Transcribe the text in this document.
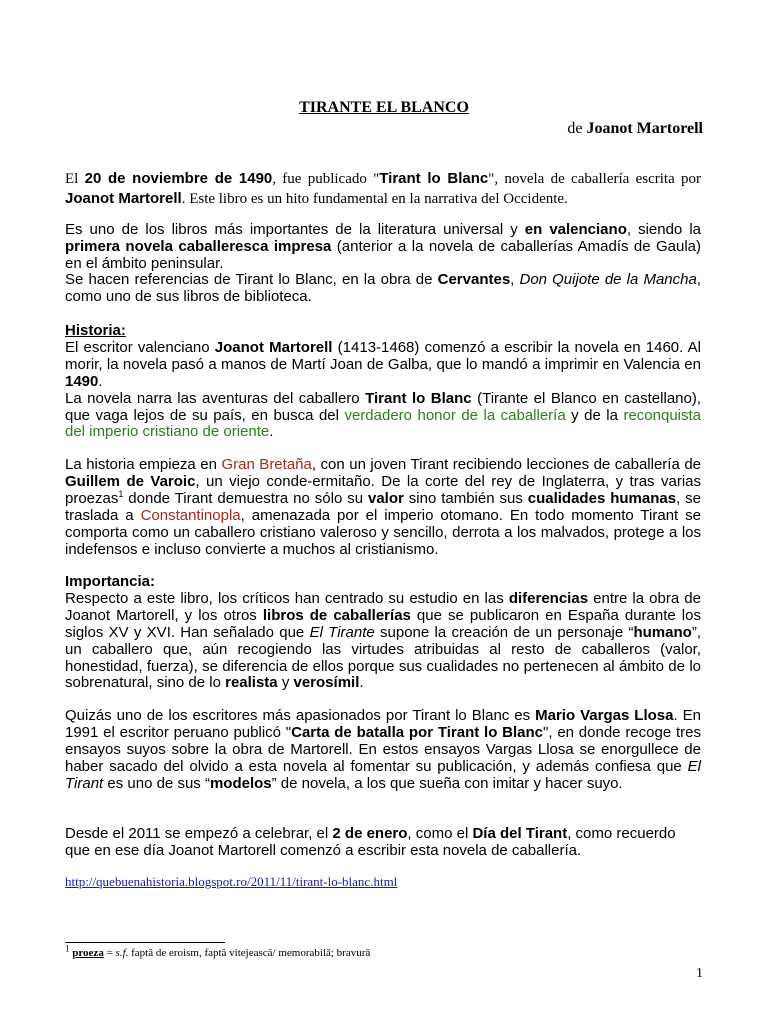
TIRANTE EL BLANCO
de Joanot Martorell

El 20 de noviembre de 1490, fue publicado "Tirant lo Blanc", novela de caballería escrita por Joanot Martorell. Este libro es un hito fundamental en la narrativa del Occidente.

Es uno de los libros más importantes de la literatura universal y en valenciano, siendo la primera novela caballeresca impresa (anterior a la novela de caballerías Amadís de Gaula) en el ámbito peninsular.

Se hacen referencias de Tirant lo Blanc, en la obra de Cervantes, Don Quijote de la Mancha, como uno de sus libros de biblioteca.

Historia:
El escritor valenciano Joanot Martorell (1413-1468) comenzó a escribir la novela en 1460. Al morir, la novela pasó a manos de Martí Joan de Galba, que lo mandó a imprimir en Valencia en 1490.
La novela narra las aventuras del caballero Tirant lo Blanc (Tirante el Blanco en castellano), que vaga lejos de su país, en busca del verdadero honor de la caballería y de la reconquista del imperio cristiano de oriente.

La historia empieza en Gran Bretaña, con un joven Tirant recibiendo lecciones de caballería de Guillem de Varoic, un viejo conde-ermitaño. De la corte del rey de Inglaterra, y tras varias proezas$^1$ donde Tirant demuestra no sólo su valor sino también sus cualidades humanas, se traslada a Constantinopla, amenazada por el imperio otomano. En todo momento Tirant se comporta como un caballero cristiano valeroso y sencillo, derrota a los malvados, protege a los indefensos e incluso convierte a muchos al cristianismo.

Importancia:
Respecto a este libro, los críticos han centrado su estudio en las diferencias entre la obra de Joanot Martorell, y los otros libros de caballerías que se publicaron en España durante los siglos XV y XVI. Han señalado que El Tirante supone la creación de un personaje “humano”, un caballero que, aún recogiendo las virtudes atribuidas al resto de caballeros (valor, honestidad, fuerza), se diferencia de ellos porque sus cualidades no pertenecen al ámbito de lo sobrenatural, sino de lo realista y verosímil.

Quizás uno de los escritores más apasionados por Tirant lo Blanc es Mario Vargas Llosa. En 1991 el escritor peruano publicó "Carta de batalla por Tirant lo Blanc", en donde recoge tres ensayos suyos sobre la obra de Martorell. En estos ensayos Vargas Llosa se enorgullece de haber sacado del olvido a esta novela al fomentar su publicación, y además confiesa que El Tirant es uno de sus “modelos” de novela, a los que sueña con imitar y hacer suyo.

Desde el 2011 se empezó a celebrar, el 2 de enero, como el Día del Tirant, como recuerdo que en ese día Joanot Martorell comenzó a escribir esta novela de caballería.

http://quebuenahistoria.blogspot.ro/2011/11/tirant-lo-blanc.html
$^1$ proeza = s.f. faptă de eroism, faptă vitejească/ memorabilă; bravură
1
